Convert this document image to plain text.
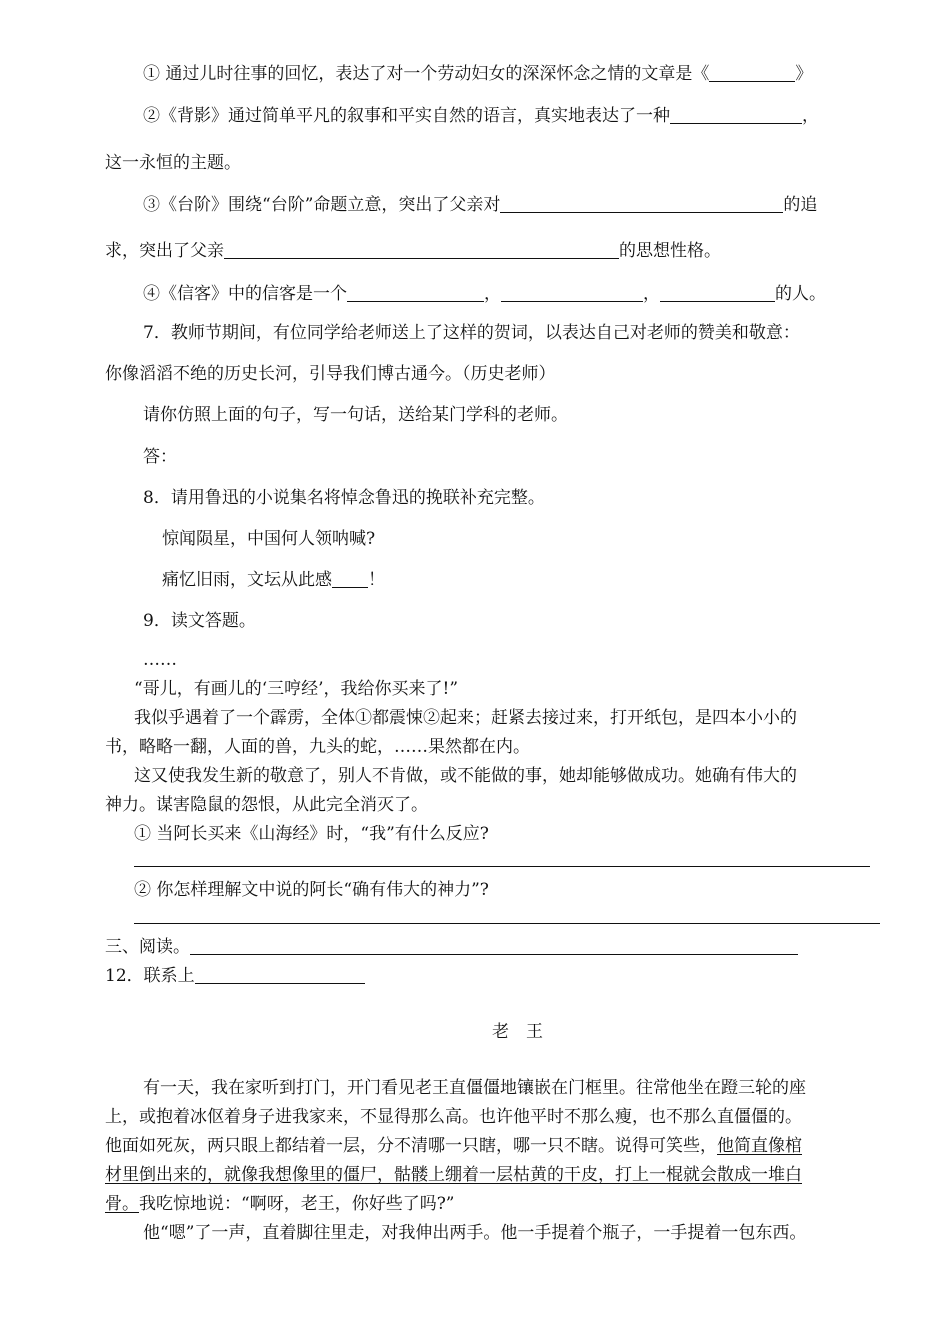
① 通过儿时往事的回忆，表达了对一个劳动妇女的深深怀念之情的文章是《	》
②《背影》通过简单平凡的叙事和平实自然的语言，真实地表达了一种	，
这一永恒的主题。
③《台阶》围绕“台阶”命题立意，突出了父亲对	的追
求，突出了父亲	的思想性格。
④《信客》中的信客是一个	，	，	的人。
7．教师节期间，有位同学给老师送上了这样的贺词，以表达自己对老师的赞美和敬意：
你像滔滔不绝的历史长河，引导我们博古通今。（历史老师）
请你仿照上面的句子，写一句话，送给某门学科的老师。
答：
8．请用鲁迅的小说集名将悼念鲁迅的挽联补充完整。
惊闻陨星，中国何人领呐喊?
痛忆旧雨，文坛从此感 ！
9．读文答题。
……
“哥儿，有画儿的‘三哼经’，我给你买来了!”
我似乎遇着了一个霹雳，全体①都震悚②起来；赶紧去接过来，打开纸包，是四本小小的
书，略略一翻，人面的兽，九头的蛇，……果然都在内。
这又使我发生新的敬意了，别人不肯做，或不能做的事，她却能够做成功。她确有伟大的
神力。谋害隐鼠的怨恨，从此完全消灭了。
① 当阿长买来《山海经》时，“我”有什么反应?
② 你怎样理解文中说的阿长“确有伟大的神力”?
三、阅读。
12．联系上
老　王
有一天，我在家听到打门，开门看见老王直僵僵地镶嵌在门框里。往常他坐在蹬三轮的座
上，或抱着冰伛着身子进我家来，不显得那么高。也许他平时不那么瘦，也不那么直僵僵的。
他面如死灰，两只眼上都结着一层，分不清哪一只瞎，哪一只不瞎。说得可笑些，他简直像棺
材里倒出来的，就像我想像里的僵尸，骷髅上绷着一层枯黄的干皮，打上一棍就会散成一堆白
骨。我吃惊地说：“啊呀，老王，你好些了吗?”
他“嗯”了一声，直着脚往里走，对我伸出两手。他一手提着个瓶子，一手提着一包东西。
